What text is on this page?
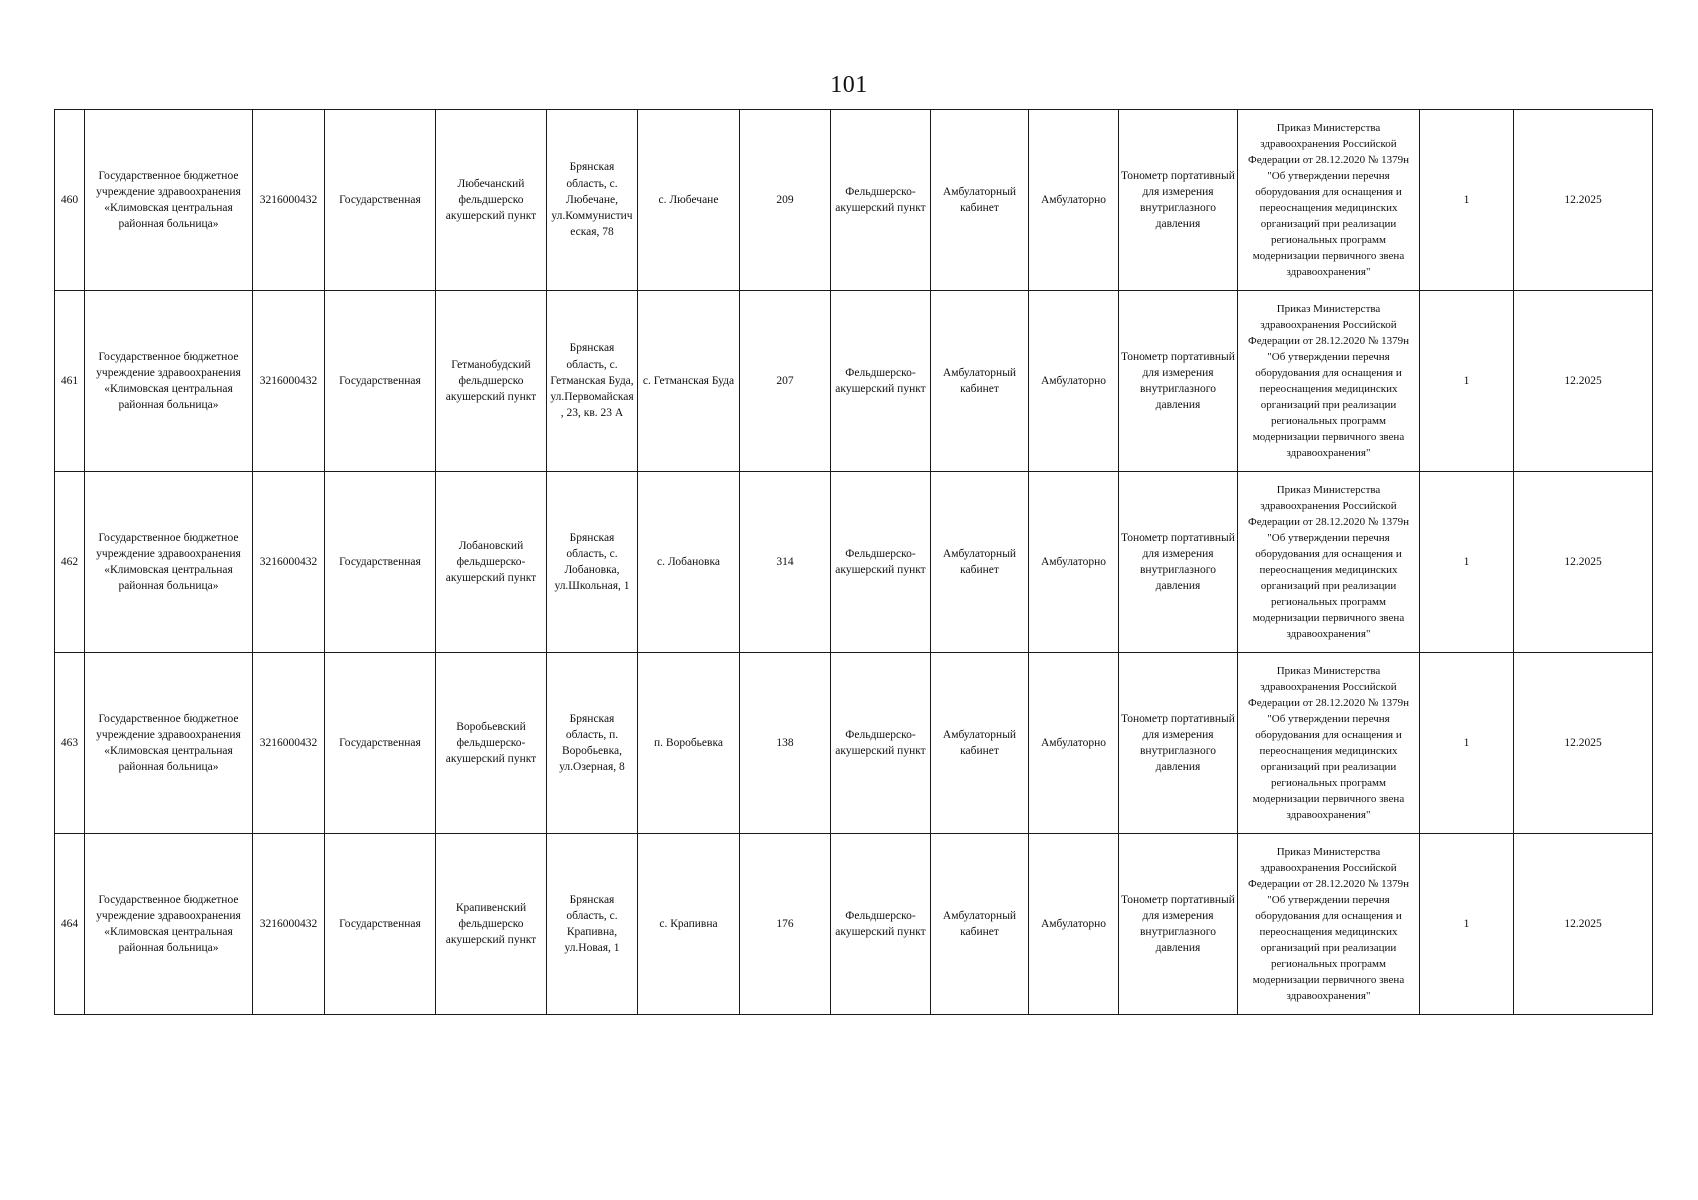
101
460	Государственное бюджетное учреждение здравоохранения «Климовская центральная районная больница»	3216000432	Государственная	Любечанский фельдшерско акушерский пункт	Брянская область, с. Любечане, ул.Коммунистическая, 78	с. Любечане	209	Фельдшерско-акушерский пункт	Амбулаторный кабинет	Амбулаторно	Тонометр портативный для измерения внутриглазного давления	Приказ Министерства здравоохранения Российской Федерации от 28.12.2020 № 1379н "Об утверждении перечня оборудования для оснащения и переоснащения медицинских организаций при реализации региональных программ модернизации первичного звена здравоохранения"	1	12.2025
461	Государственное бюджетное учреждение здравоохранения «Климовская центральная районная больница»	3216000432	Государственная	Гетманобудский фельдшерско акушерский пункт	Брянская область, с. Гетманская Буда, ул.Первомайская, 23, кв. 23 А	с. Гетманская Буда	207	Фельдшерско-акушерский пункт	Амбулаторный кабинет	Амбулаторно	Тонометр портативный для измерения внутриглазного давления	Приказ Министерства здравоохранения Российской Федерации от 28.12.2020 № 1379н "Об утверждении перечня оборудования для оснащения и переоснащения медицинских организаций при реализации региональных программ модернизации первичного звена здравоохранения"	1	12.2025
462	Государственное бюджетное учреждение здравоохранения «Климовская центральная районная больница»	3216000432	Государственная	Лобановский фельдшерско-акушерский пункт	Брянская область, с. Лобановка, ул.Школьная, 1	с. Лобановка	314	Фельдшерско-акушерский пункт	Амбулаторный кабинет	Амбулаторно	Тонометр портативный для измерения внутриглазного давления	Приказ Министерства здравоохранения Российской Федерации от 28.12.2020 № 1379н "Об утверждении перечня оборудования для оснащения и переоснащения медицинских организаций при реализации региональных программ модернизации первичного звена здравоохранения"	1	12.2025
463	Государственное бюджетное учреждение здравоохранения «Климовская центральная районная больница»	3216000432	Государственная	Воробьевский фельдшерско-акушерский пункт	Брянская область, п. Воробьевка, ул.Озерная, 8	п. Воробьевка	138	Фельдшерско-акушерский пункт	Амбулаторный кабинет	Амбулаторно	Тонометр портативный для измерения внутриглазного давления	Приказ Министерства здравоохранения Российской Федерации от 28.12.2020 № 1379н "Об утверждении перечня оборудования для оснащения и переоснащения медицинских организаций при реализации региональных программ модернизации первичного звена здравоохранения"	1	12.2025
464	Государственное бюджетное учреждение здравоохранения «Климовская центральная районная больница»	3216000432	Государственная	Крапивенский фельдшерско акушерский пункт	Брянская область, с. Крапивна, ул.Новая, 1	с. Крапивна	176	Фельдшерско-акушерский пункт	Амбулаторный кабинет	Амбулаторно	Тонометр портативный для измерения внутриглазного давления	Приказ Министерства здравоохранения Российской Федерации от 28.12.2020 № 1379н "Об утверждении перечня оборудования для оснащения и переоснащения медицинских организаций при реализации региональных программ модернизации первичного звена здравоохранения"	1	12.2025
